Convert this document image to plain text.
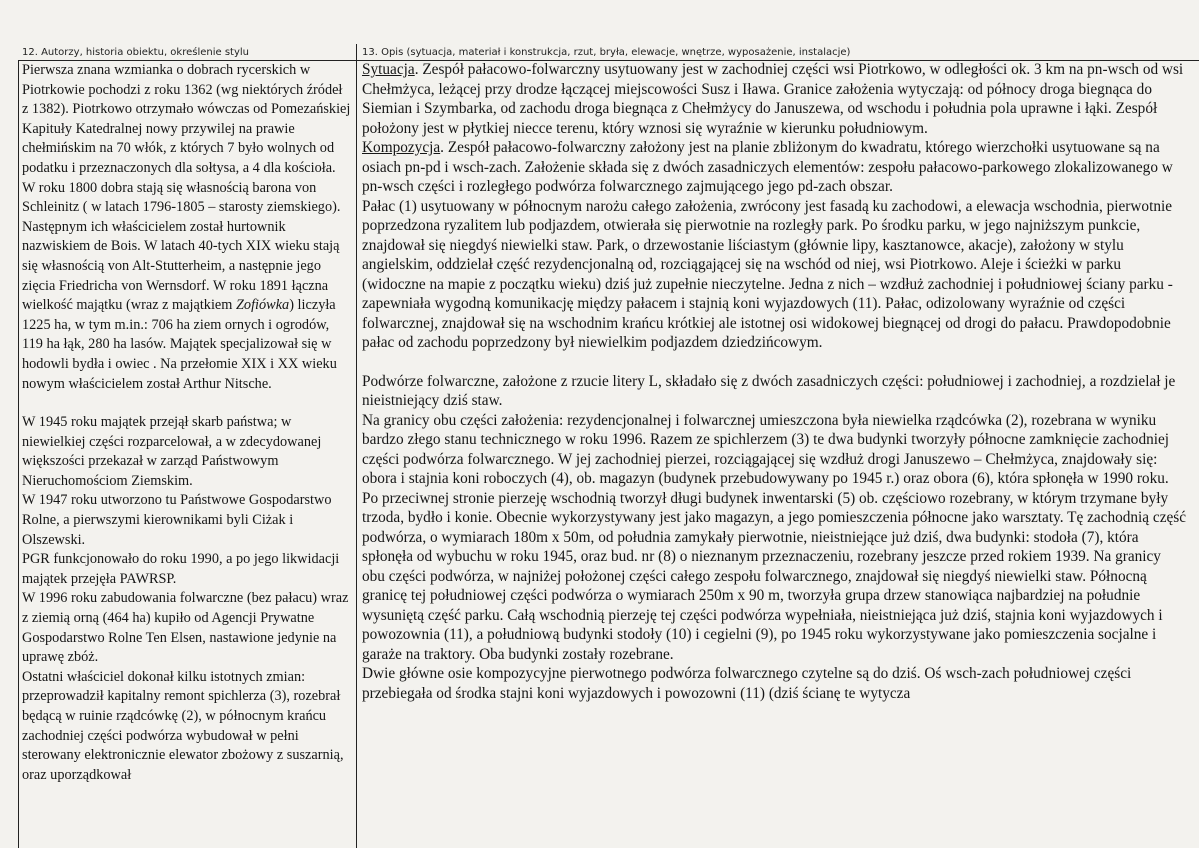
12. Autorzy, historia obiektu, określenie stylu	13. Opis (sytuacja, materiał i konstrukcja, rzut, bryła, elewacje, wnętrze, wyposażenie, instalacje)

Pierwsza znana wzmianka o dobrach rycerskich w Piotrkowie pochodzi z roku 1362 (wg niektórych źródeł z 1382). Piotrkowo otrzymało wówczas od Pomezańskiej Kapituły Katedralnej nowy przywilej na prawie chełmińskim na 70 włók, z których 7 było wolnych od podatku i przeznaczonych dla sołtysa, a 4 dla kościoła.

W roku 1800 dobra stają się własnością barona von Schleinitz ( w latach 1796-1805 – starosty ziemskiego).

Następnym ich właścicielem został hurtownik nazwiskiem de Bois. W latach 40-tych XIX wieku stają się własnością von Alt-Stutterheim, a następnie jego zięcia Friedricha von Wernsdorf. W roku 1891 łączna wielkość majątku (wraz z majątkiem Zofiówka) liczyła 1225 ha, w tym m.in.: 706 ha ziem ornych i ogrodów, 119 ha łąk, 280 ha lasów. Majątek specjalizował się w hodowli bydła i owiec . Na przełomie XIX i XX wieku nowym właścicielem został Arthur Nitsche.

W 1945 roku majątek przejął skarb państwa; w niewielkiej części rozparcelował, a w zdecydowanej większości przekazał w zarząd Państwowym Nieruchomościom Ziemskim.

W 1947 roku utworzono tu Państwowe Gospodarstwo Rolne, a pierwszymi kierownikami byli Ciżak i Olszewski.

PGR funkcjonowało do roku 1990, a po jego likwidacji majątek przejęła PAWRSP.

W 1996 roku zabudowania folwarczne (bez pałacu) wraz z ziemią orną (464 ha) kupiło od Agencji Prywatne Gospodarstwo Rolne Ten Elsen, nastawione jedynie na uprawę zbóż.

Ostatni właściciel dokonał kilku istotnych zmian: przeprowadził kapitalny remont spichlerza (3), rozebrał będącą w ruinie rządcówkę (2), w północnym krańcu zachodniej części podwórza wybudował w pełni sterowany elektronicznie elewator zbożowy z suszarnią, oraz uporządkował

Sytuacja. Zespół pałacowo-folwarczny usytuowany jest w zachodniej części wsi Piotrkowo, w odległości ok. 3 km na pn-wsch od wsi Chełmżyca, leżącej przy drodze łączącej miejscowości Susz i Iława. Granice założenia wytyczają: od północy droga biegnąca do Siemian i Szymbarka, od zachodu droga biegnąca z Chełmżycy do Januszewa, od wschodu i południa pola uprawne i łąki. Zespół położony jest w płytkiej niecce terenu, który wznosi się wyraźnie w kierunku południowym.

Kompozycja. Zespół pałacowo-folwarczny założony jest na planie zbliżonym do kwadratu, którego wierzchołki usytuowane są na osiach pn-pd i wsch-zach. Założenie składa się z dwóch zasadniczych elementów: zespołu pałacowo-parkowego zlokalizowanego w pn-wsch części i rozległego podwórza folwarcznego zajmującego jego pd-zach obszar.

Pałac (1) usytuowany w północnym narożu całego założenia, zwrócony jest fasadą ku zachodowi, a elewacja wschodnia, pierwotnie poprzedzona ryzalitem lub podjazdem, otwierała się pierwotnie na rozległy park. Po środku parku, w jego najniższym punkcie, znajdował się niegdyś niewielki staw. Park, o drzewostanie liściastym (głównie lipy, kasztanowce, akacje), założony w stylu angielskim, oddzielał część rezydencjonalną od, rozciągającej się na wschód od niej, wsi Piotrkowo. Aleje i ścieżki w parku (widoczne na mapie z początku wieku) dziś już zupełnie nieczytelne. Jedna z nich – wzdłuż zachodniej i południowej ściany parku - zapewniała wygodną komunikację między pałacem i stajnią koni wyjazdowych (11). Pałac, odizolowany wyraźnie od części folwarcznej, znajdował się na wschodnim krańcu krótkiej ale istotnej osi widokowej biegnącej od drogi do pałacu. Prawdopodobnie pałac od zachodu poprzedzony był niewielkim podjazdem dziedzińcowym.

Podwórze folwarczne, założone z rzucie litery L, składało się z dwóch zasadniczych części: południowej i zachodniej, a rozdzielał je nieistniejący dziś staw.

Na granicy obu części założenia: rezydencjonalnej i folwarcznej umieszczona była niewielka rządcówka (2), rozebrana w wyniku bardzo złego stanu technicznego w roku 1996. Razem ze spichlerzem (3) te dwa budynki tworzyły północne zamknięcie zachodniej części podwórza folwarcznego. W jej zachodniej pierzei, rozciągającej się wzdłuż drogi Januszewo – Chełmżyca, znajdowały się: obora i stajnia koni roboczych (4), ob. magazyn (budynek przebudowywany po 1945 r.) oraz obora (6), która spłonęła w 1990 roku. Po przeciwnej stronie pierzeję wschodnią tworzył długi budynek inwentarski (5) ob. częściowo rozebrany, w którym trzymane były trzoda, bydło i konie. Obecnie wykorzystywany jest jako magazyn, a jego pomieszczenia północne jako warsztaty. Tę zachodnią część podwórza, o wymiarach 180m x 50m, od południa zamykały pierwotnie, nieistniejące już dziś, dwa budynki: stodoła (7), która spłonęła od wybuchu w roku 1945, oraz bud. nr (8) o nieznanym przeznaczeniu, rozebrany jeszcze przed rokiem 1939. Na granicy obu części podwórza, w najniżej położonej części całego zespołu folwarcznego, znajdował się niegdyś niewielki staw. Północną granicę tej południowej części podwórza o wymiarach 250m x 90 m, tworzyła grupa drzew stanowiąca najbardziej na południe wysuniętą część parku. Całą wschodnią pierzeję tej części podwórza wypełniała, nieistniejąca już dziś, stajnia koni wyjazdowych i powozownia (11), a południową budynki stodoły (10) i cegielni (9), po 1945 roku wykorzystywane jako pomieszczenia socjalne i garaże na traktory. Oba budynki zostały rozebrane.

Dwie główne osie kompozycyjne pierwotnego podwórza folwarcznego czytelne są do dziś. Oś wsch-zach południowej części przebiegała od środka stajni koni wyjazdowych i powozowni (11) (dziś ścianę te wytycza
